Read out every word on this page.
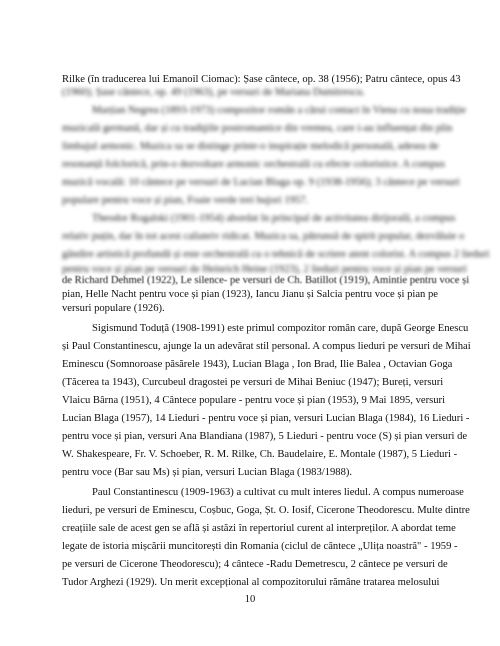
Rilke (în traducerea lui Emanoil Ciomac): Șase cântece, op. 38 (1956); Patru cântece, opus 43
(1960); Șase cântece, op. 49 (1963), pe versuri de Mariana Dumitrescu.
Marțian Negrea (1893-1973) compozitor român a cărui contact în Viena cu noua tradiție
muzicală germană, dar și cu tradiţiile postromantice din vremea, care i-au influențat din plin
limbajul armonic. Muzica sa se distinge printr-o inspirație melodică personală, adesea de
resonanță folclorică, prin-o dezvoltare armonic orchestrală cu efecte coloristice. A compus
muzică vocală: 10 cântece pe versuri de Lucian Blaga op. 9 (1938-1956); 3 cântece pe versuri
populare pentru voce și pian, Foaie verde trei bujori 1957.
Theodor Rogalski (1901-1954) abordat în principal de activitatea dirijorală, a compus
relativ puțin, dar în tot acest caliateiv ridicat. Muzica sa, pătrunsă de spirit popular, dezvăluie o
gândire artistică profundă și este orchestrală cu o tehnică de scriere atent colorist. A compus 2 lieduri
pentru voce și pian pe versuri de Heinrich Heine (1923), 2 lieduri pentru voce și pian pe versuri
de Richard Dehmel (1922), Le silence- pe versuri de Ch. Batillot (1919), Amintie pentru voce și
pian, Helle Nacht pentru voce și pian (1923), Iancu Jianu și Salcia pentru voce și pian pe
versuri populare (1926).
Sigismund Toduță (1908-1991) este primul compozitor român care, după George Enescu
și Paul Constantinescu, ajunge la un adevărat stil personal. A compus lieduri pe versuri de Mihai
Eminescu (Somnoroase păsărele 1943), Lucian Blaga , Ion Brad, Ilie Balea , Octavian Goga
(Tăcerea ta 1943), Curcubeul dragostei pe versuri de Mihai Beniuc (1947); Bureți, versuri
Vlaicu Bârna (1951), 4 Cântece populare - pentru voce și pian (1953), 9 Mai 1895, versuri
Lucian Blaga (1957), 14 Lieduri - pentru voce și pian, versuri Lucian Blaga (1984), 16 Lieduri -
pentru voce și pian, versuri Ana Blandiana (1987), 5 Lieduri - pentru voce (S) și pian versuri de
W. Shakespeare, Fr. V. Schoeber, R. M. Rilke, Ch. Baudelaire, E. Montale (1987), 5 Lieduri -
pentru voce (Bar sau Ms) și pian, versuri Lucian Blaga (1983/1988).
Paul Constantinescu (1909-1963) a cultivat cu mult interes liedul. A compus numeroase
lieduri, pe versuri de Eminescu, Coșbuc, Goga, Șt. O. Iosif, Cicerone Theodorescu. Multe dintre
creațiile sale de acest gen se află și astăzi în repertoriul curent al interpreților. A abordat teme
legate de istoria mișcării muncitorești din Romania (ciclul de cântece „Ulița noastră" - 1959 -
pe versuri de Cicerone Theodorescu); 4 cântece -Radu Demetrescu, 2 cântece pe versuri de
Tudor Arghezi (1929). Un merit excepțional al compozitorului rămâne tratarea melosului
10
